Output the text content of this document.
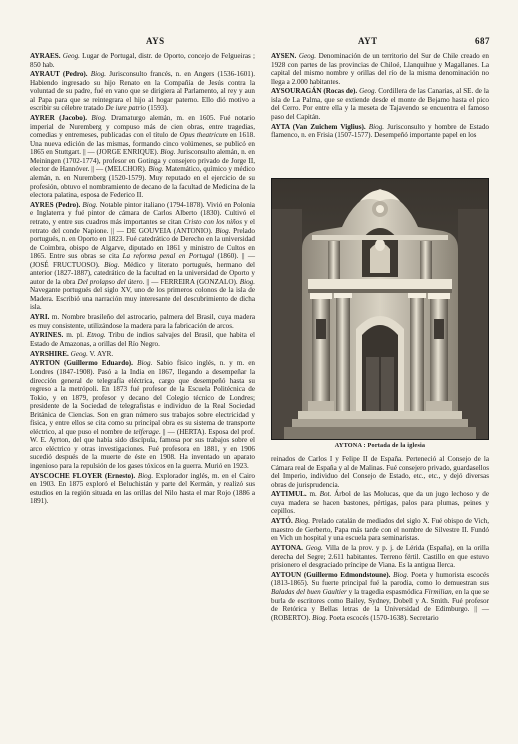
AYS	AYT	687

AYRAES. Geog. Lugar de Portugal, distr. de Oporto, concejo de Felgueiras ; 850 hab.

AYRAUT (Pedro). Biog. Jurisconsulto francés, n. en Angers (1536-1601). Habiendo ingresado su hijo Renato en la Compañía de Jesús contra la voluntad de su padre, fué en vano que se dirigiera al Parlamento, al rey y aun al Papa para que se reintegrara el hijo al hogar paterno. Ello dió motivo a escribir su célebre tratado De iure patrio (1593).

AYRER (Jacobo). Biog. Dramaturgo alemán, m. en 1605. Fué notario imperial de Nuremberg y compuso más de cien obras, entre tragedias, comedias y entremeses, publicadas con el título de Opus theatricum en 1618. Una nueva edición de las mismas, formando cinco volúmenes, se publicó en 1865 en Stuttgart. || — (JORGE ENRIQUE). Biog. Jurisconsulto alemán, n. en Meiningen (1702-1774), profesor en Gotinga y consejero privado de Jorge II, elector de Hannóver. || — (MELCHOR). Biog. Matemático, químico y médico alemán, n. en Nuremberg (1520-1579). Muy reputado en el ejercicio de su profesión, obtuvo el nombramiento de decano de la facultad de Medicina de la electora palatina, esposa de Federico II.

AYRES (Pedro). Biog. Notable pintor italiano (1794-1878). Vivió en Polonia e Inglaterra y fué pintor de cámara de Carlos Alberto (1830). Cultivó el retrato, y entre sus cuadros más importantes se citan Cristo con los niños y el retrato del conde Napione. || — DE GOUVEIA (ANTONIO). Biog. Prelado portugués, n. en Oporto en 1823. Fué catedrático de Derecho en la universidad de Coimbra, obispo de Algarve, diputado en 1861 y ministro de Cultos en 1865. Entre sus obras se cita La reforma penal en Portugal (1860). || — (JOSÉ FRUCTUOSO). Biog. Médico y literato portugués, hermano del anterior (1827-1887), catedrático de la facultad en la universidad de Oporto y autor de la obra Del prolapso del útero. || — FERREIRA (GONZALO). Biog. Navegante portugués del siglo XV, uno de los primeros colonos de la isla de Madera. Escribió una narración muy interesante del descubrimiento de dicha isla.

AYRI. m. Nombre brasileño del astrocario, palmera del Brasil, cuya madera es muy consistente, utilizándose la madera para la fabricación de arcos.

AYRINES. m. pl. Etnog. Tribu de indios salvajes del Brasil, que habita el Estado de Amazonas, a orillas del Río Negro.

AYRSHIRE. Geog. V. AYR.

AYRTON (Guillermo Eduardo). Biog. Sabio físico inglés, n. y m. en Londres (1847-1908). Pasó a la India en 1867, llegando a desempeñar la dirección general de telegrafía eléctrica, cargo que desempeñó hasta su regreso a la metrópoli. En 1873 fué profesor de la Escuela Politécnica de Tokio, y en 1879, profesor y decano del Colegio técnico de Londres; presidente de la Sociedad de telegrafistas e individuo de la Real Sociedad Británica de Ciencias. Son en gran número sus trabajos sobre electricidad y física, y entre ellos se cita como su principal obra es su sistema de transporte eléctrico, al que puso el nombre de telferage. || — (HERTA). Esposa del prof. W. E. Ayrton, del que había sido discípula, famosa por sus trabajos sobre el arco eléctrico y otras investigaciones. Fué profesora en 1881, y en 1906 sucedió después de la muerte de éste en 1908. Ha inventado un aparato ingenioso para la repulsión de los gases tóxicos en la guerra. Murió en 1923.

AYSCOCHE FLOYER (Ernesto). Biog. Explorador inglés, m. en el Cairo en 1903. En 1875 exploró el Beluchistán y parte del Kermán, y realizó sus estudios en la región situada en las orillas del Nilo hasta el mar Rojo (1886 a 1891).

AYSEN. Geog. Denominación de un territorio del Sur de Chile creado en 1928 con partes de las provincias de Chiloé, Llanquihue y Magallanes. La capital del mismo nombre y orillas del río de la misma denominación no llega a 2.000 habitantes.

AYSOURAGÁN (Rocas de). Geog. Cordillera de las Canarias, al SE. de la isla de La Palma, que se extiende desde el monte de Bejamo hasta el pico del Cerro. Por entre ella y la meseta de Tajavendo se encuentra el famoso paso del Capitán.

AYTA (Van Zuichem Viglius). Biog. Jurisconsulto y hombre de Estado flamenco, n. en Frisia (1507-1577). Desempeñó importante papel en los

AYTONA : Portada de la iglesia

reinados de Carlos I y Felipe II de España. Perteneció al Consejo de la Cámara real de España y al de Malinas. Fué consejero privado, guardasellos del Imperio, individuo del Consejo de Estado, etc., etc., y dejó diversas obras de jurisprudencia.

AYTIMUL. m. Bot. Árbol de las Molucas, que da un jugo lechoso y de cuya madera se hacen bastones, pértigas, palos para plumas, peines y cepillos.

AYTÓ. Biog. Prelado catalán de mediados del siglo X. Fué obispo de Vich, maestro de Gerberto, Papa más tarde con el nombre de Silvestre II. Fundó en Vich un hospital y una escuela para seminaristas.

AYTONA. Geog. Villa de la prov. y p. j. de Lérida (España), en la orilla derecha del Segre; 2.611 habitantes. Terreno fértil. Castillo en que estuvo prisionero el desgraciado príncipe de Viana. Es la antigua Ilerca.

AYTOUN (Guillermo Edmondstoune). Biog. Poeta y humorista escocés (1813-1865). Su fuerte principal fué la parodia, como lo demuestran sus Baladas del buen Gaultier y la tragedia espasmódica Firmilian, en la que se burla de escritores como Bailey, Sydney, Dobell y A. Smith. Fué profesor de Retórica y Bellas letras de la Universidad de Edimburgo. || — (ROBERTO). Biog. Poeta escocés (1570-1638). Secretario
